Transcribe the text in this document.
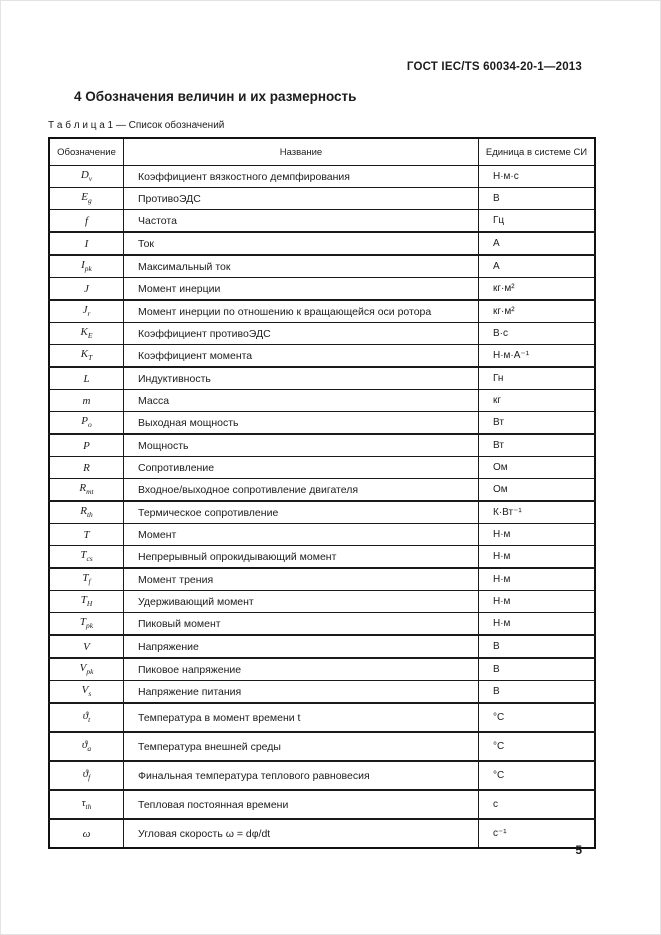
ГОСТ IEC/TS 60034-20-1—2013
4 Обозначения величин и их размерность
Т а б л и ц а 1 — Список обозначений
Обозначение	Название	Единица в системе СИ
$D_v$	Коэффициент вязкостного демпфирования	Н·м·с
$E_g$	ПротивоЭДС	В
f	Частота	Гц
I	Ток	А
$I_{pk}$	Максимальный ток	А
J	Момент инерции	кг·м²
$J_r$	Момент инерции по отношению к вращающейся оси ротора	кг·м²
$K_E$	Коэффициент противоЭДС	В·с
$K_T$	Коэффициент момента	Н·м·А⁻¹
L	Индуктивность	Гн
m	Масса	кг
$P_o$	Выходная мощность	Вт
P	Мощность	Вт
R	Сопротивление	Ом
$R_{mt}$	Входное/выходное сопротивление двигателя	Ом
$R_{th}$	Термическое сопротивление	К·Вт⁻¹
T	Момент	Н·м
$T_{cs}$	Непрерывный опрокидывающий момент	Н·м
$T_f$	Момент трения	Н·м
$T_H$	Удерживающий момент	Н·м
$T_{pk}$	Пиковый момент	Н·м
V	Напряжение	В
$V_{pk}$	Пиковое напряжение	В
$V_s$	Напряжение питания	В
$ϑ_t$	Температура в момент времени t	°С
$ϑ_a$	Температура внешней среды	°С
$ϑ_f$	Финальная температура теплового равновесия	°С
$\tau_{th}$	Тепловая постоянная времени	с
ω	Угловая скорость ω = dφ/dt	с⁻¹
5
